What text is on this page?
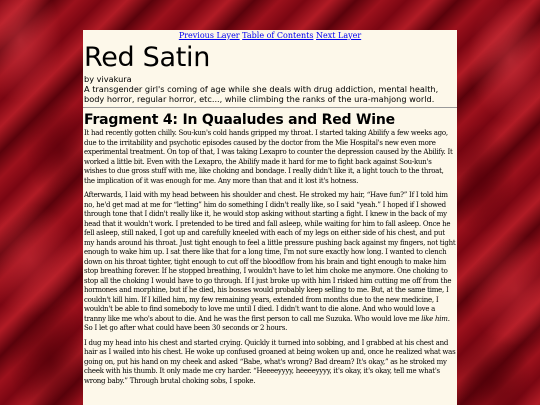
Previous Layer Table of Contents Next Layer
Red Satin

by vivakura

A transgender girl's coming of age while she deals with drug addiction, mental health, body horror, regular horror, etc..., while climbing the ranks of the ura-mahjong world.

Fragment 4: In Quaaludes and Red Wine

It had recently gotten chilly. Sou-kun's cold hands gripped my throat. I started taking Abilify a few weeks ago, due to the irritability and psychotic episodes caused by the doctor from the Mie Hospital's new even more experimental treatment. On top of that, I was taking Lexapro to counter the depression caused by the Abilify. It worked a little bit. Even with the Lexapro, the Abilify made it hard for me to fight back against Sou-kun's wishes to due gross stuff with me, like choking and bondage. I really didn't like it, a light touch to the throat, the implication of it was enough for me. Any more than that and it lost it's hotness.

Afterwards, I laid with my head between his shoulder and chest. He stroked my hair, “Have fun?” If I told him no, he'd get mad at me for “letting” him do something I didn't really like, so I said “yeah.” I hoped if I showed through tone that I didn't really like it, he would stop asking without starting a fight. I knew in the back of my head that it wouldn't work. I pretended to be tired and fall asleep, while waiting for him to fall asleep. Once he fell asleep, still naked, I got up and carefully kneeled with each of my legs on either side of his chest, and put my hands around his throat. Just tight enough to feel a little pressure pushing back against my fingers, not tight enough to wake him up. I sat there like that for a long time, I'm not sure exactly how long. I wanted to clench down on his throat tighter, tight enough to cut off the bloodflow from his brain and tight enough to make him stop breathing forever. If he stopped breathing, I wouldn't have to let him choke me anymore. One choking to stop all the choking I would have to go through. If I just broke up with him I risked him cutting me off from the hormones and morphine, but if he died, his bosses would probably keep selling to me. But, at the same time, I couldn't kill him. If I killed him, my few remaining years, extended from months due to the new medicine, I wouldn't be able to find somebody to love me until I died. I didn't want to die alone. And who would love a tranny like me who's about to die. And he was the first person to call me Suzuka. Who would love me like him. So I let go after what could have been 30 seconds or 2 hours.

I dug my head into his chest and started crying. Quickly it turned into sobbing, and I grabbed at his chest and hair as I wailed into his chest. He woke up confused groaned at being woken up and, once he realized what was going on, put his hand on my cheek and asked “Babe, what's wrong? Bad dream? It's okay,” as he stroked my cheek with his thumb. It only made me cry harder. “Heeeeyyyy, heeeeyyyy, it's okay, it's okay, tell me what's wrong baby.” Through brutal choking sobs, I spoke.
